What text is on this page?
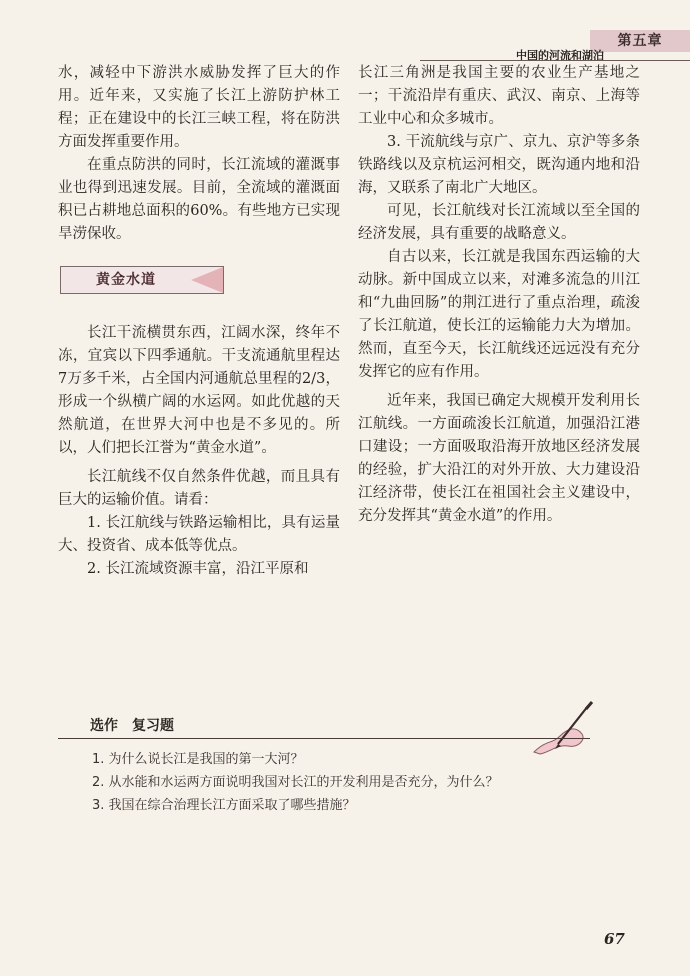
第五章
中国的河流和湖泊

水，减轻中下游洪水威胁发挥了巨大的作用。近年来，又实施了长江上游防护林工程；正在建设中的长江三峡工程，将在防洪方面发挥重要作用。

在重点防洪的同时，长江流域的灌溉事业也得到迅速发展。目前，全流域的灌溉面积已占耕地总面积的60%。有些地方已实现旱涝保收。

黄金水道

长江干流横贯东西，江阔水深，终年不冻，宜宾以下四季通航。干支流通航里程达7万多千米，占全国内河通航总里程的2/3，形成一个纵横广阔的水运网。如此优越的天然航道，在世界大河中也是不多见的。所以，人们把长江誉为“黄金水道”。

长江航线不仅自然条件优越，而且具有巨大的运输价值。请看：

1. 长江航线与铁路运输相比，具有运量大、投资省、成本低等优点。

2. 长江流域资源丰富，沿江平原和

长江三角洲是我国主要的农业生产基地之一；干流沿岸有重庆、武汉、南京、上海等工业中心和众多城市。

3. 干流航线与京广、京九、京沪等多条铁路线以及京杭运河相交，既沟通内地和沿海，又联系了南北广大地区。

可见，长江航线对长江流域以至全国的经济发展，具有重要的战略意义。

自古以来，长江就是我国东西运输的大动脉。新中国成立以来，对滩多流急的川江和“九曲回肠”的荆江进行了重点治理，疏浚了长江航道，使长江的运输能力大为增加。然而，直至今天，长江航线还远远没有充分发挥它的应有作用。

近年来，我国已确定大规模开发利用长江航线。一方面疏浚长江航道，加强沿江港口建设；一方面吸取沿海开放地区经济发展的经验，扩大沿江的对外开放、大力建设沿江经济带，使长江在祖国社会主义建设中，充分发挥其“黄金水道”的作用。

选作 复习题
1. 为什么说长江是我国的第一大河？
2. 从水能和水运两方面说明我国对长江的开发利用是否充分，为什么？
3. 我国在综合治理长江方面采取了哪些措施？
67
